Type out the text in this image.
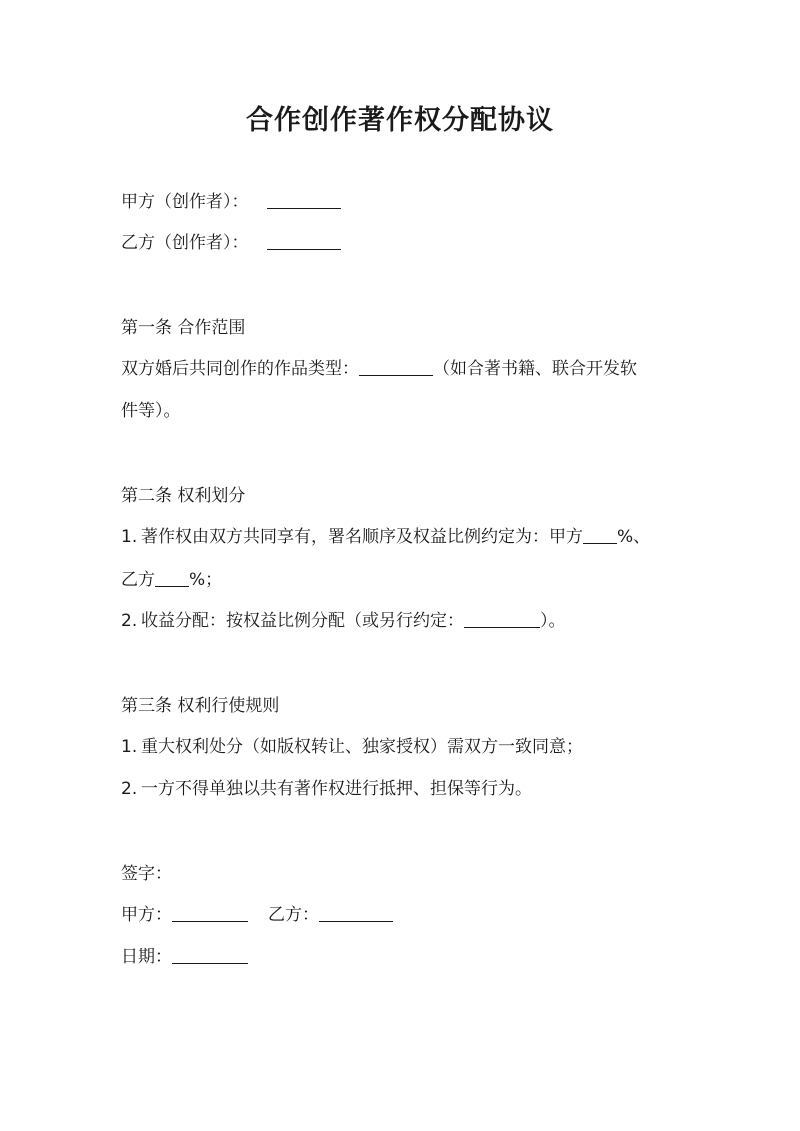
合作创作著作权分配协议
甲方（创作者）：
乙方（创作者）：
第一条 合作范围
双方婚后共同创作的作品类型：	（如合著书籍、联合开发软
件等）。
第二条 权利划分
1. 著作权由双方共同享有，署名顺序及权益比例约定为：甲方 %、
乙方 %；
2. 收益分配：按权益比例分配（或另行约定：	）。
第三条 权利行使规则
1. 重大权利处分（如版权转让、独家授权）需双方一致同意；
2. 一方不得单独以共有著作权进行抵押、担保等行为。
签字：
甲方：	乙方：
日期：
